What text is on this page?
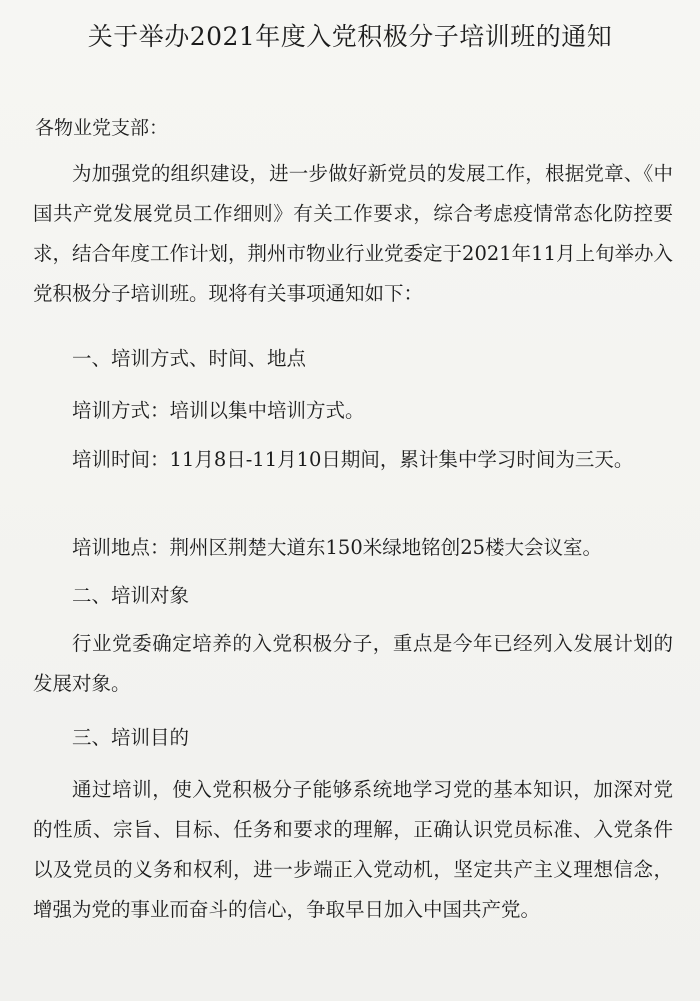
关于举办2021年度入党积极分子培训班的通知
各物业党支部：
为加强党的组织建设，进一步做好新党员的发展工作，根据党章、《中国共产党发展党员工作细则》有关工作要求，综合考虑疫情常态化防控要求，结合年度工作计划，荆州市物业行业党委定于2021年11月上旬举办入党积极分子培训班。现将有关事项通知如下：
一、培训方式、时间、地点
培训方式：培训以集中培训方式。
培训时间：11月8日-11月10日期间，累计集中学习时间为三天。
培训地点：荆州区荆楚大道东150米绿地铭创25楼大会议室。
二、培训对象
行业党委确定培养的入党积极分子，重点是今年已经列入发展计划的发展对象。
三、培训目的
通过培训，使入党积极分子能够系统地学习党的基本知识，加深对党的性质、宗旨、目标、任务和要求的理解，正确认识党员标准、入党条件以及党员的义务和权利，进一步端正入党动机，坚定共产主义理想信念，增强为党的事业而奋斗的信心，争取早日加入中国共产党。
